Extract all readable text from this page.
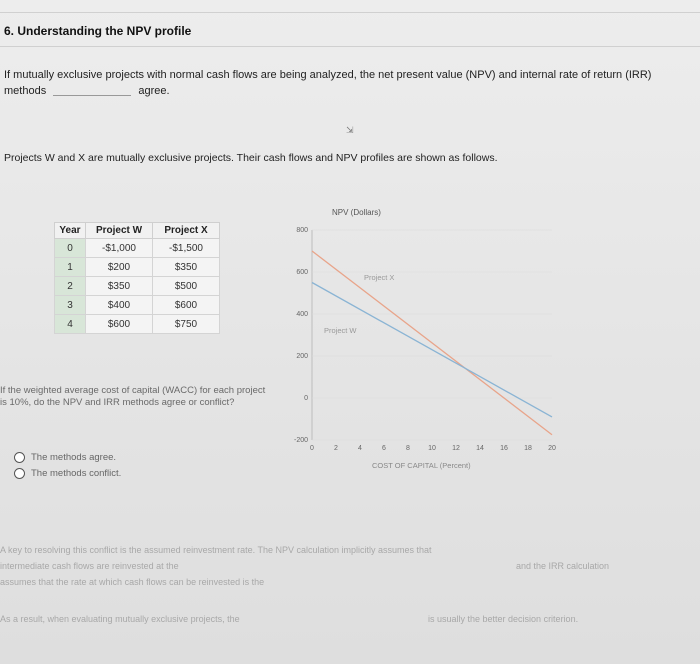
6. Understanding the NPV profile
If mutually exclusive projects with normal cash flows are being analyzed, the net present value (NPV) and internal rate of return (IRR) methods	agree.
⇲
Projects W and X are mutually exclusive projects. Their cash flows and NPV profiles are shown as follows.
Year	Project W	Project X
0	-$1,000	-$1,500
1	$200	$350
2	$350	$500
3	$400	$600
4	$600	$750
NPV (Dollars)
COST OF CAPITAL (Percent)
Project X
Project W
800
600
400
200
0
-200
0	2	4	6	8	10 12 14 16 18 20
If the weighted average cost of capital (WACC) for each project is 10%, do the NPV and IRR methods agree or conflict?
The methods agree.
The methods conflict.
A key to resolving this conflict is the assumed reinvestment rate. The NPV calculation implicitly assumes that
intermediate cash flows are reinvested at the	and the IRR calculation
assumes that the rate at which cash flows can be reinvested is the
As a result, when evaluating mutually exclusive projects, the	is usually the better decision criterion.
